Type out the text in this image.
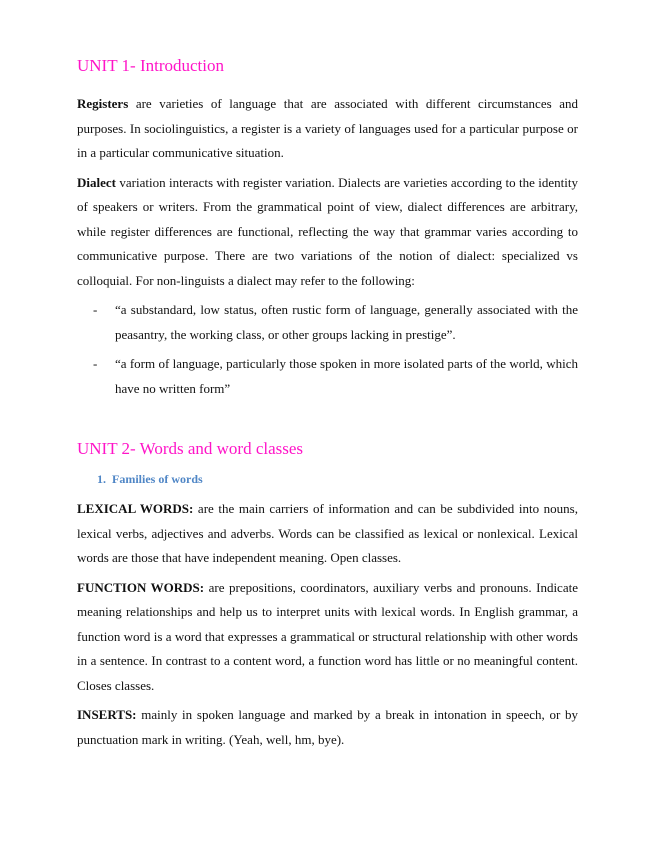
UNIT 1- Introduction

Registers are varieties of language that are associated with different circumstances and purposes. In sociolinguistics, a register is a variety of languages used for a particular purpose or in a particular communicative situation.

Dialect variation interacts with register variation. Dialects are varieties according to the identity of speakers or writers. From the grammatical point of view, dialect differences are arbitrary, while register differences are functional, reflecting the way that grammar varies according to communicative purpose. There are two variations of the notion of dialect: specialized vs colloquial. For non-linguists a dialect may refer to the following:

- “a substandard, low status, often rustic form of language, generally associated with the peasantry, the working class, or other groups lacking in prestige”.
- “a form of language, particularly those spoken in more isolated parts of the world, which have no written form”
UNIT 2- Words and word classes
1.  Families of words

LEXICAL WORDS: are the main carriers of information and can be subdivided into nouns, lexical verbs, adjectives and adverbs. Words can be classified as lexical or nonlexical. Lexical words are those that have independent meaning. Open classes.

FUNCTION WORDS: are prepositions, coordinators, auxiliary verbs and pronouns. Indicate meaning relationships and help us to interpret units with lexical words. In English grammar, a function word is a word that expresses a grammatical or structural relationship with other words in a sentence. In contrast to a content word, a function word has little or no meaningful content. Closes classes.

INSERTS: mainly in spoken language and marked by a break in intonation in speech, or by punctuation mark in writing. (Yeah, well, hm, bye).
